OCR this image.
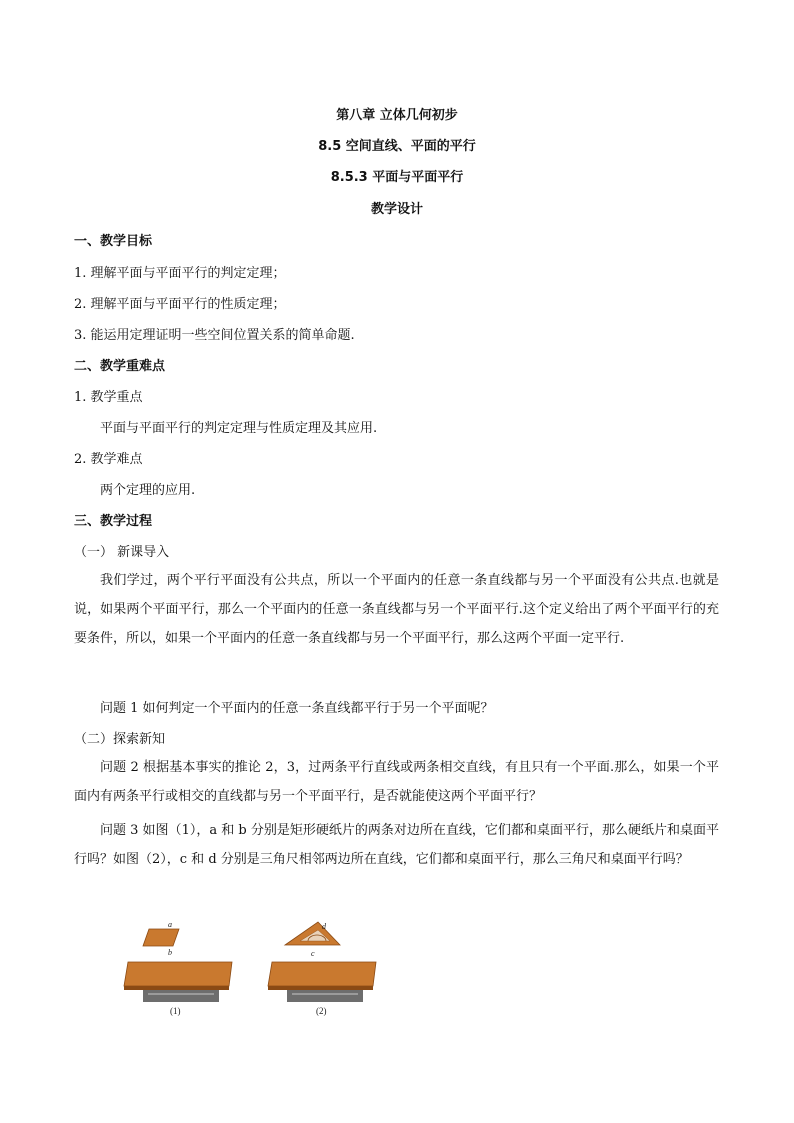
第八章 立体几何初步
8.5 空间直线、平面的平行
8.5.3 平面与平面平行
教学设计
一、教学目标
1. 理解平面与平面平行的判定定理；
2. 理解平面与平面平行的性质定理；
3. 能运用定理证明一些空间位置关系的简单命题.
二、教学重难点
1. 教学重点
平面与平面平行的判定定理与性质定理及其应用.
2. 教学难点
两个定理的应用.
三、教学过程
（一） 新课导入
我们学过，两个平行平面没有公共点，所以一个平面内的任意一条直线都与另一个平面没有公共点.也就是说，如果两个平面平行，那么一个平面内的任意一条直线都与另一个平面平行.这个定义给出了两个平面平行的充要条件，所以，如果一个平面内的任意一条直线都与另一个平面平行，那么这两个平面一定平行.
问题 1 如何判定一个平面内的任意一条直线都平行于另一个平面呢？
（二）探索新知
问题 2 根据基本事实的推论 2，3，过两条平行直线或两条相交直线，有且只有一个平面.那么，如果一个平面内有两条平行或相交的直线都与另一个平面平行，是否就能使这两个平面平行？
问题 3 如图（1），a 和 b 分别是矩形硬纸片的两条对边所在直线，它们都和桌面平行，那么硬纸片和桌面平行吗？如图（2），c 和 d 分别是三角尺相邻两边所在直线，它们都和桌面平行，那么三角尺和桌面平行吗？
a
b
(1)
d
c
(2)
